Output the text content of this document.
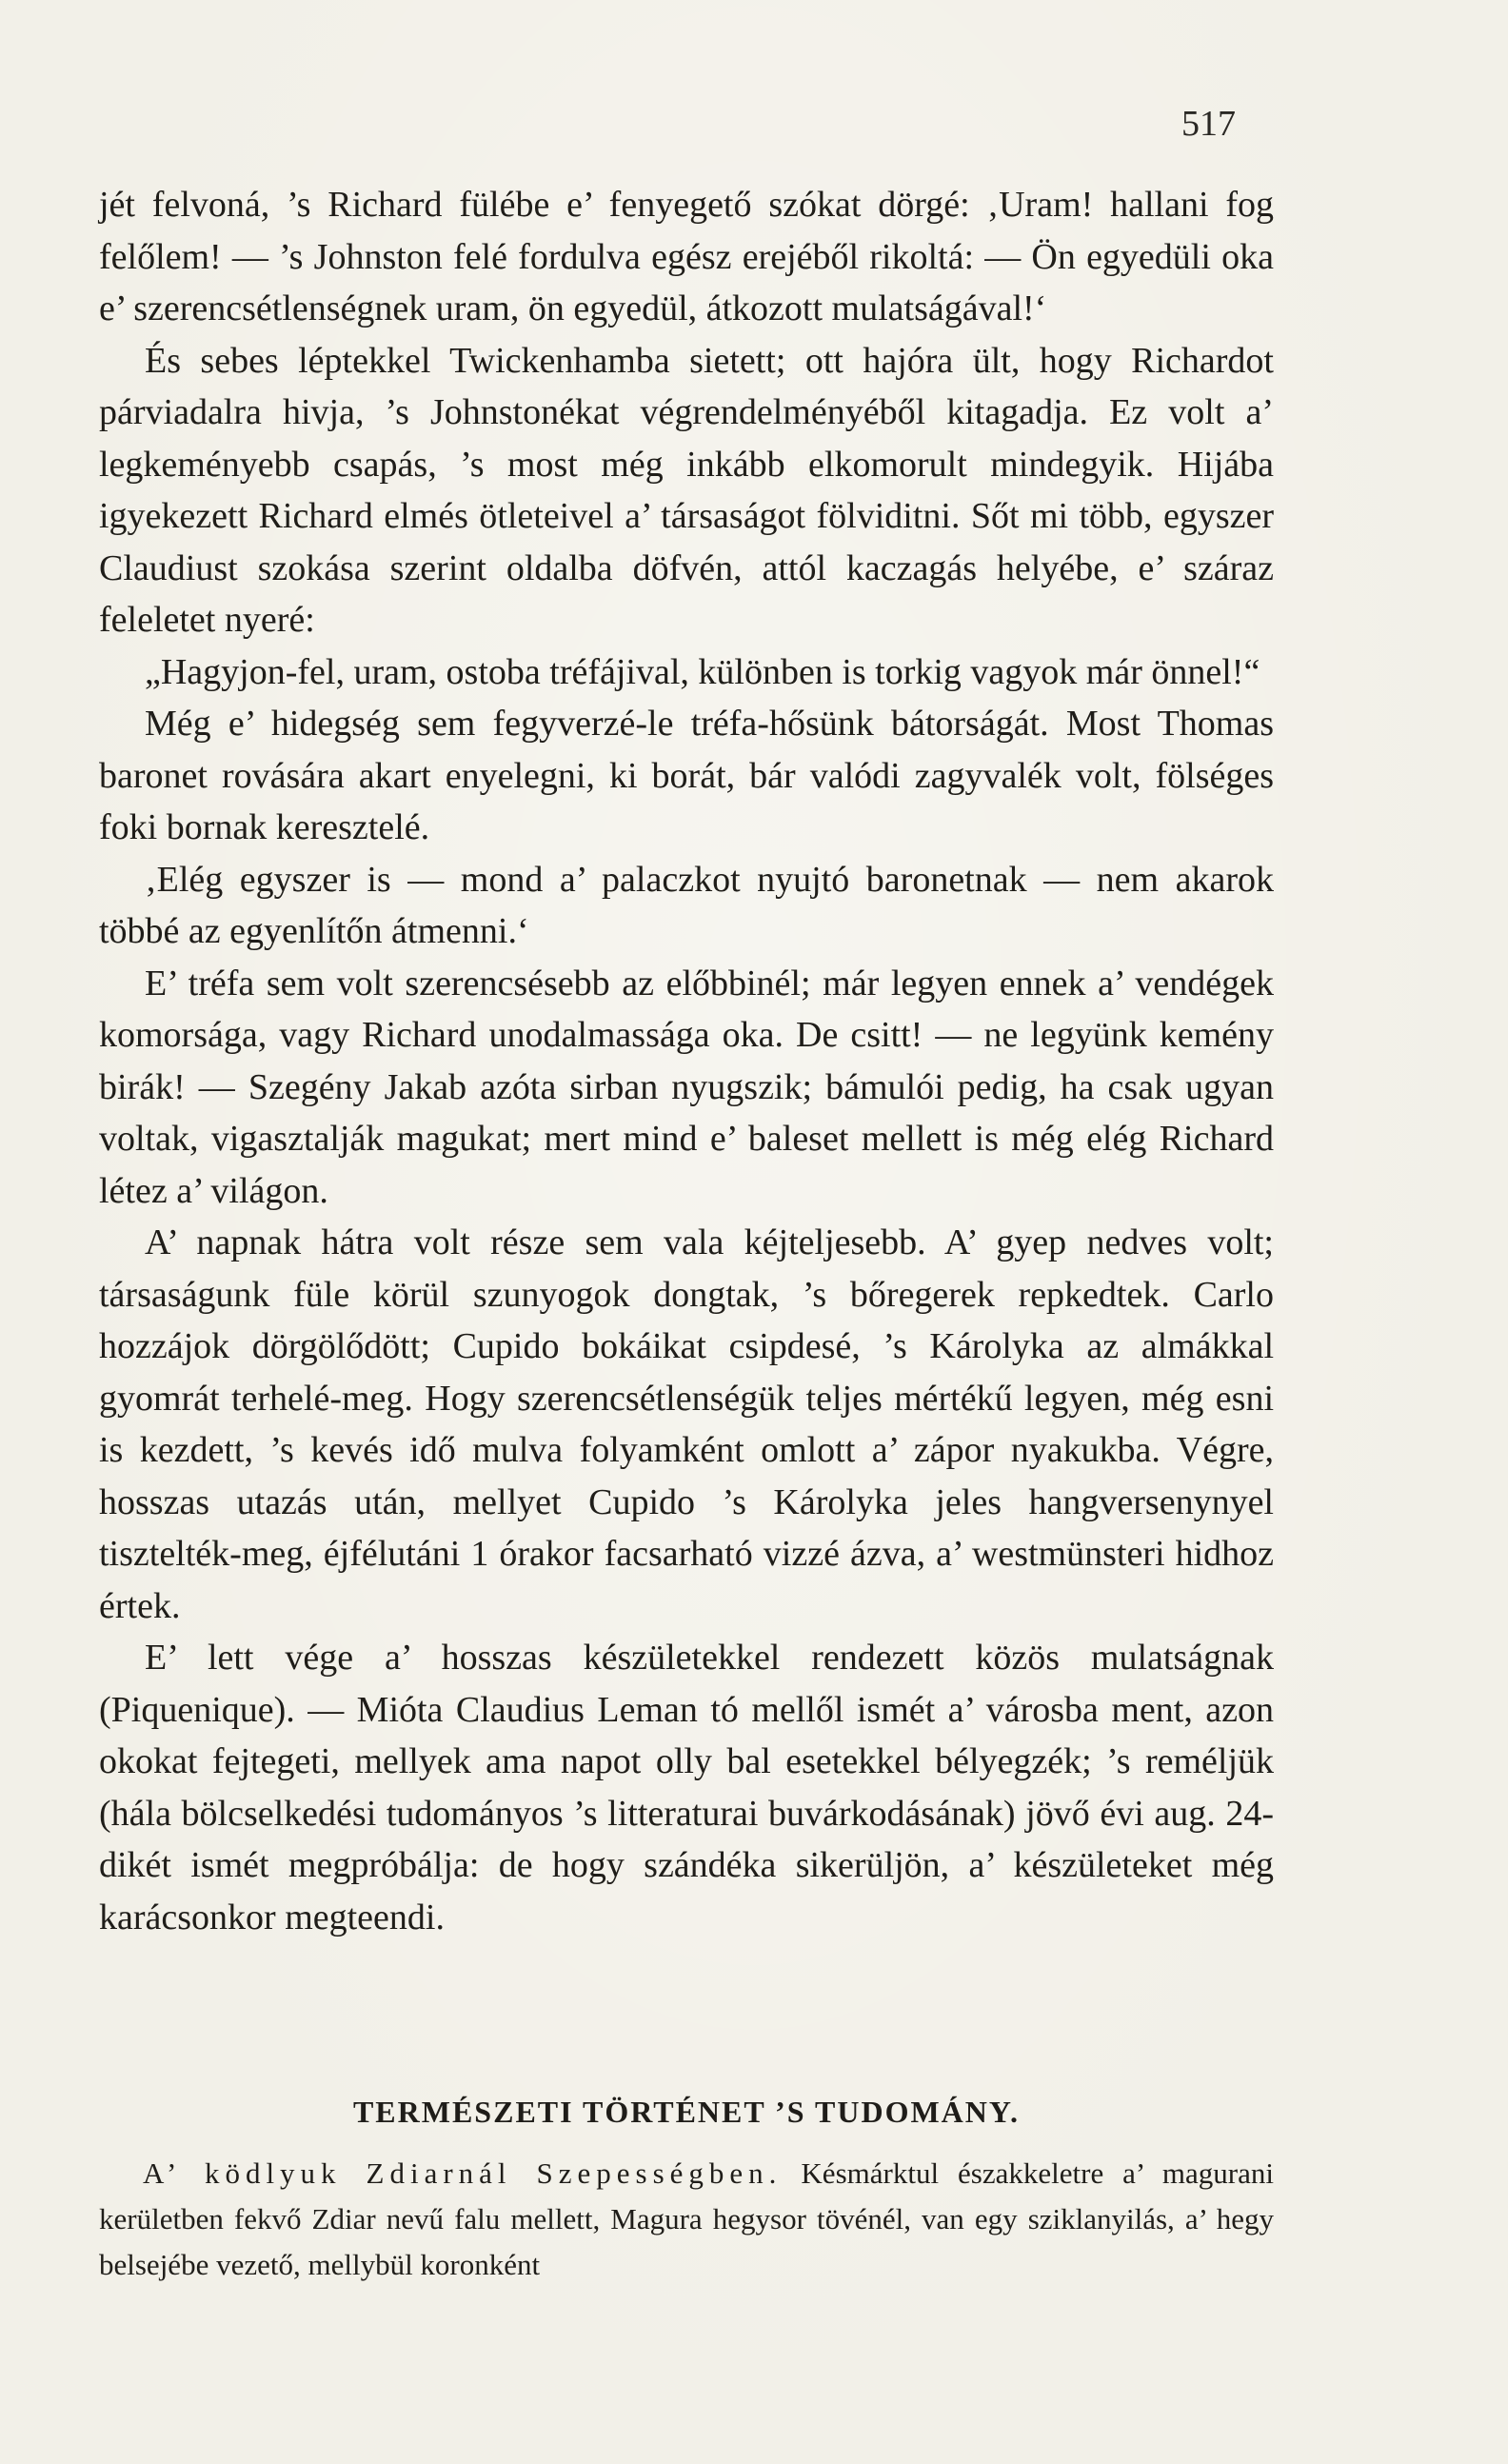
517

jét felvoná, ’s Richard fülébe e’ fenyegető szókat dörgé: ‚Uram! hallani fog felőlem! — ’s Johnston felé fordulva egész erejéből rikoltá: — Ön egyedüli oka e’ szerencsétlenségnek uram, ön egyedül, átkozott mulatságával!‘

És sebes léptekkel Twickenhamba sietett; ott hajóra ült, hogy Richardot párviadalra hivja, ’s Johnstonékat végrendelményéből kitagadja. Ez volt a’ legkeményebb csapás, ’s most még inkább elkomorult mindegyik. Hijába igyekezett Richard elmés ötleteivel a’ társaságot fölviditni. Sőt mi több, egyszer Claudiust szokása szerint oldalba döfvén, attól kaczagás helyébe, e’ száraz feleletet nyeré:

„Hagyjon-fel, uram, ostoba tréfájival, különben is torkig vagyok már önnel!“

Még e’ hidegség sem fegyverzé-le tréfa-hősünk bátorságát. Most Thomas baronet rovására akart enyelegni, ki borát, bár valódi zagyvalék volt, fölséges foki bornak keresztelé.

‚Elég egyszer is — mond a’ palaczkot nyujtó baronetnak — nem akarok többé az egyenlítőn átmenni.‘

E’ tréfa sem volt szerencsésebb az előbbinél; már legyen ennek a’ vendégek komorsága, vagy Richard unodalmassága oka. De csitt! — ne legyünk kemény birák! — Szegény Jakab azóta sirban nyugszik; bámulói pedig, ha csak ugyan voltak, vigasztalják magukat; mert mind e’ baleset mellett is még elég Richard létez a’ világon.

A’ napnak hátra volt része sem vala kéjteljesebb. A’ gyep nedves volt; társaságunk füle körül szunyogok dongtak, ’s bőregerek repkedtek. Carlo hozzájok dörgölődött; Cupido bokáikat csipdesé, ’s Károlyka az almákkal gyomrát terhelé-meg. Hogy szerencsétlenségük teljes mértékű legyen, még esni is kezdett, ’s kevés idő mulva folyamként omlott a’ zápor nyakukba. Végre, hosszas utazás után, mellyet Cupido ’s Károlyka jeles hangversenynyel tisztelték-meg, éjfélutáni 1 órakor facsarható vizzé ázva, a’ westmünsteri hidhoz értek.

E’ lett vége a’ hosszas készületekkel rendezett közös mulatságnak (Piquenique). — Mióta Claudius Leman tó mellől ismét a’ városba ment, azon okokat fejtegeti, mellyek ama napot olly bal esetekkel bélyegzék; ’s reméljük (hála bölcselkedési tudományos ’s litteraturai buvárkodásának) jövő évi aug. 24-dikét ismét megpróbálja: de hogy szándéka sikerüljön, a’ készületeket még karácsonkor megteendi.

TERMÉSZETI TÖRTÉNET ’S TUDOMÁNY.

A’ ködlyuk Zdiarnál Szepességben. Késmárktul északkeletre a’ magurani kerületben fekvő Zdiar nevű falu mellett, Magura hegysor tövénél, van egy sziklanyilás, a’ hegy belsejébe vezető, mellybül koronként
